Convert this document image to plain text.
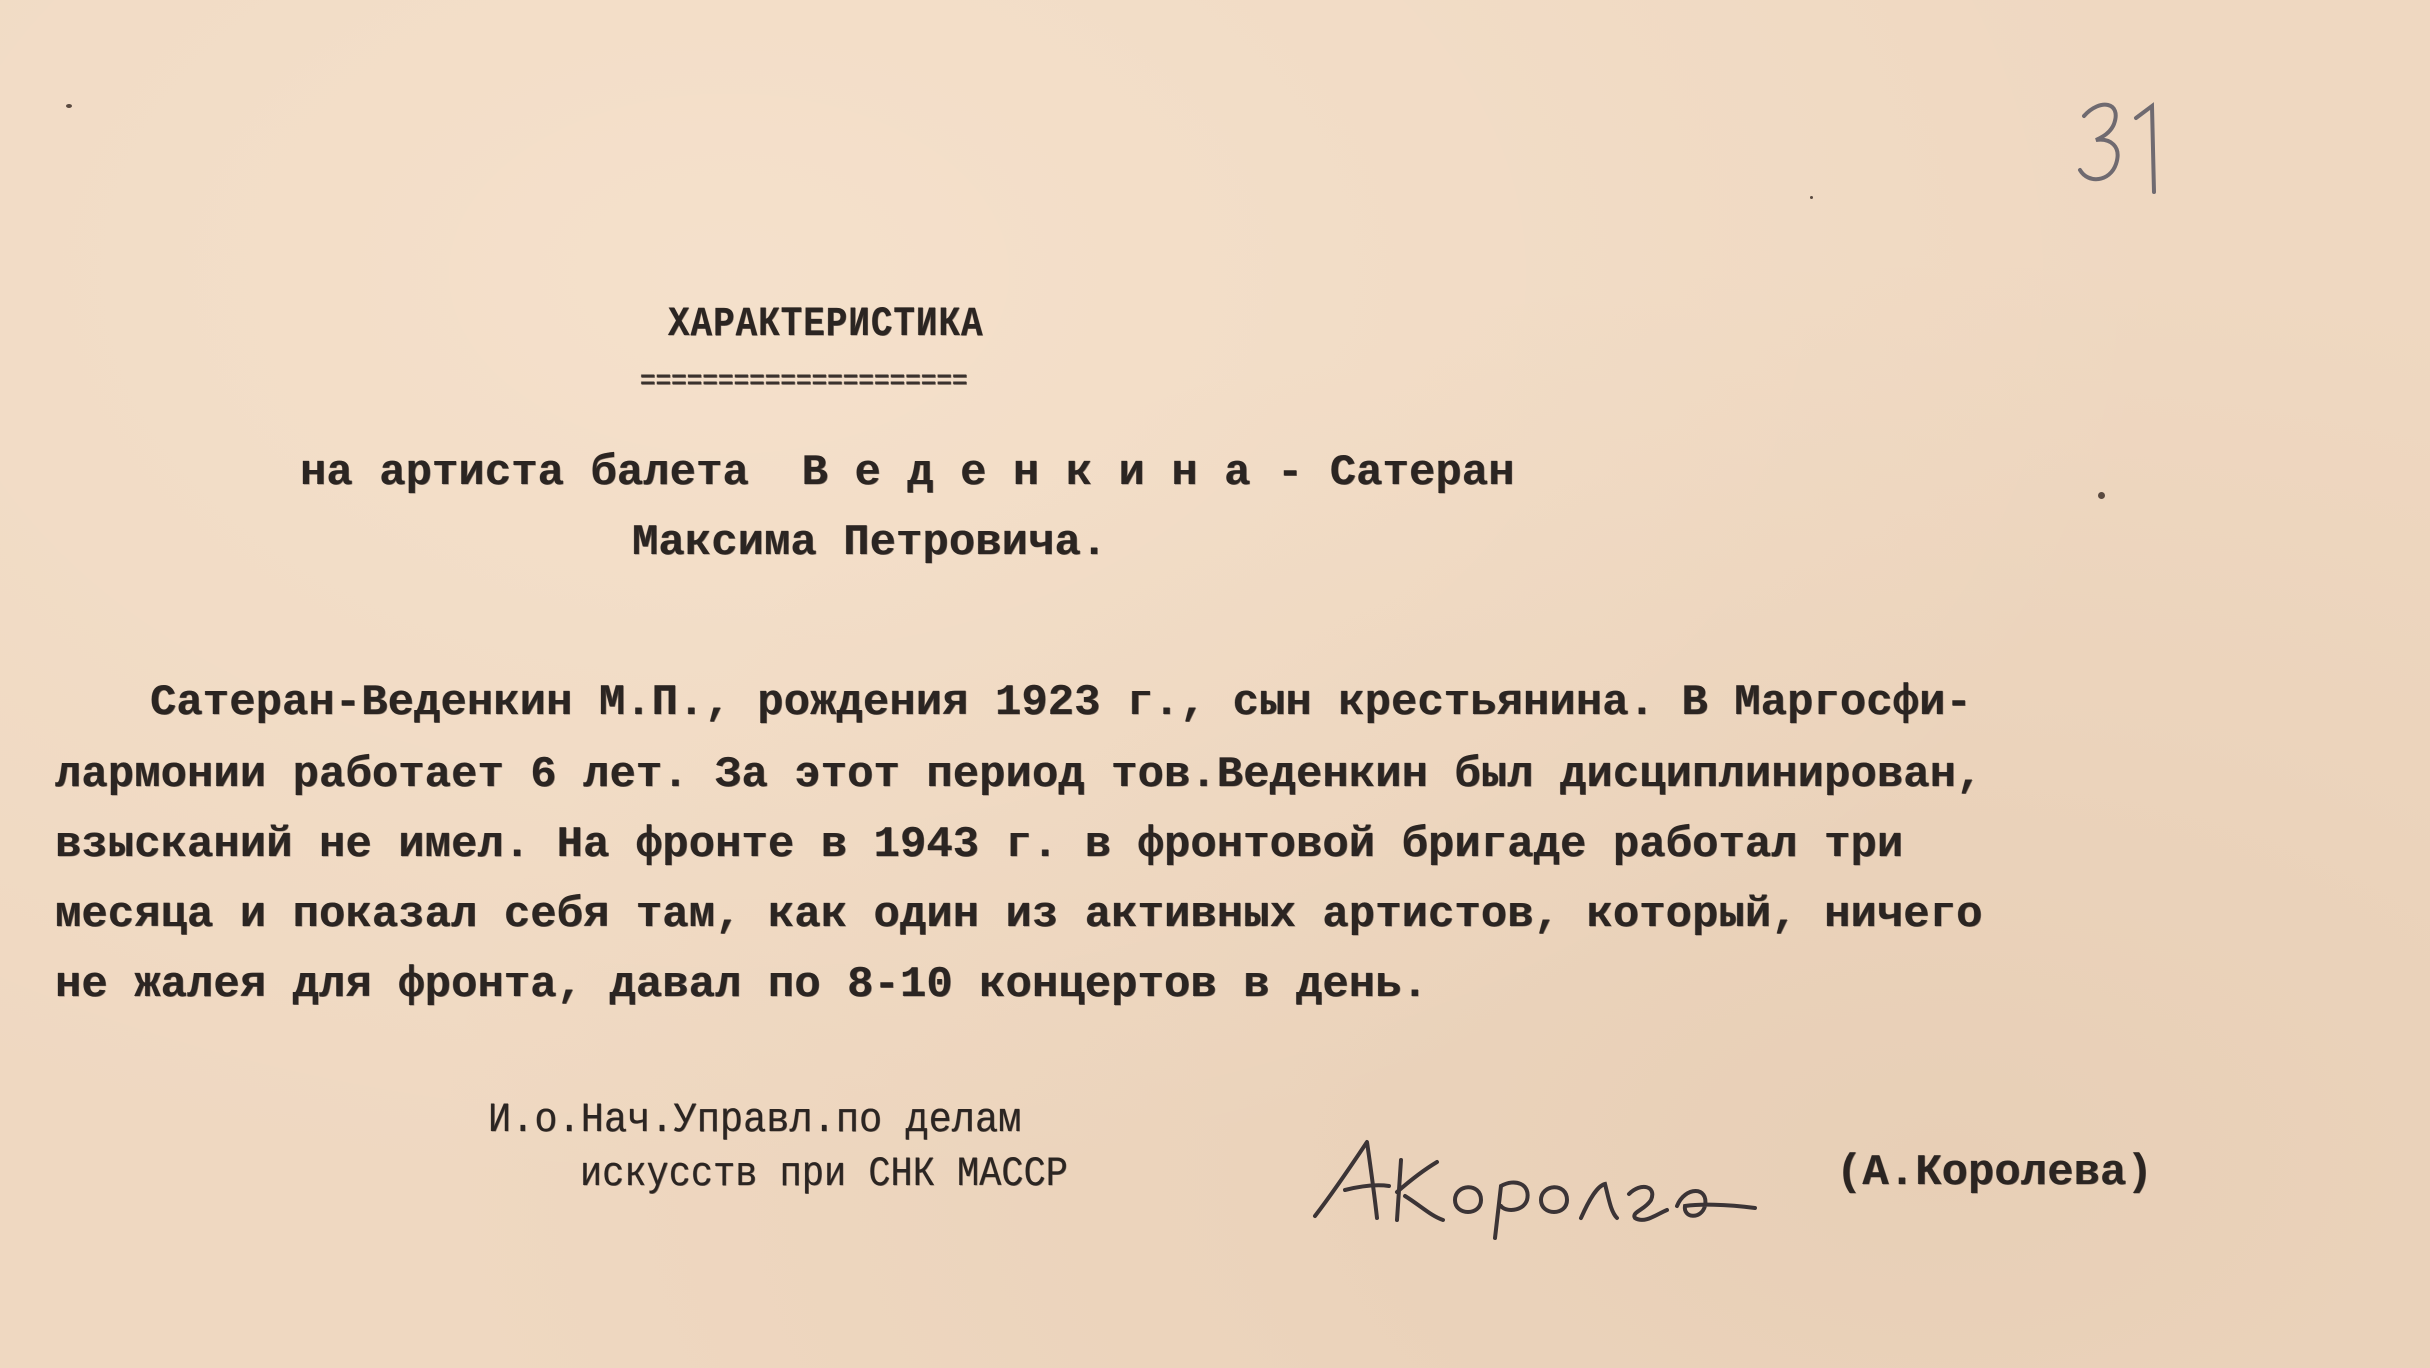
ХАРАКТЕРИСТИКА
=====================
на артиста балета  В е д е н к и н а - Сатеран
Максима Петровича.
Сатеран-Веденкин М.П., рождения 1923 г., сын крестьянина. В Маргосфи-
лармонии работает 6 лет. За этот период тов.Веденкин был дисциплинирован,
взысканий не имел. На фронте в 1943 г. в фронтовой бригаде работал три
месяца и показал себя там, как один из активных артистов, который, ничего
не жалея для фронта, давал по 8-10 концертов в день.
И.о.Нач.Управл.по делам
искусств при СНК МАССР	(А.Королева)
